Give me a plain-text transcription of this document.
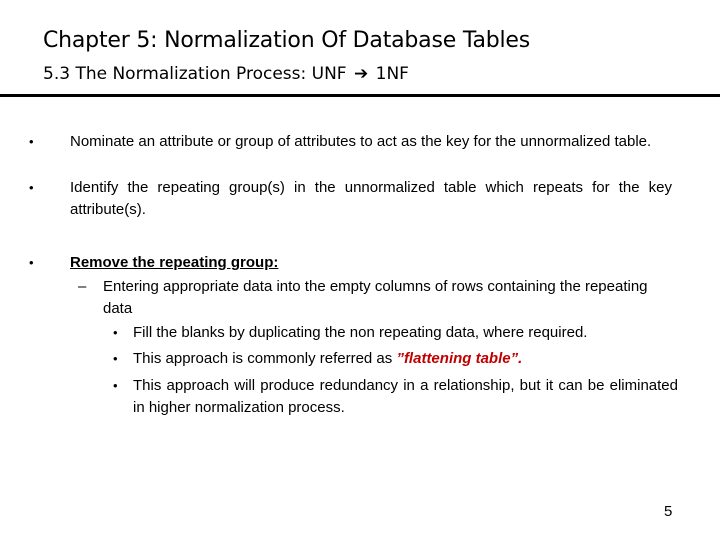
Chapter 5: Normalization Of Database Tables
5.3 The Normalization Process: UNF ➔ 1NF
• Nominate an attribute or group of attributes to act as the key for the unnormalized table.
• Identify the repeating group(s) in the unnormalized table which repeats for the key attribute(s).
• Remove the repeating group:
– Entering appropriate data into the empty columns of rows containing the repeating data
• Fill the blanks by duplicating the non repeating data, where required.
• This approach is commonly referred as ”flattening table”.
• This approach will produce redundancy in a relationship, but it can be eliminated in higher normalization process.
5
